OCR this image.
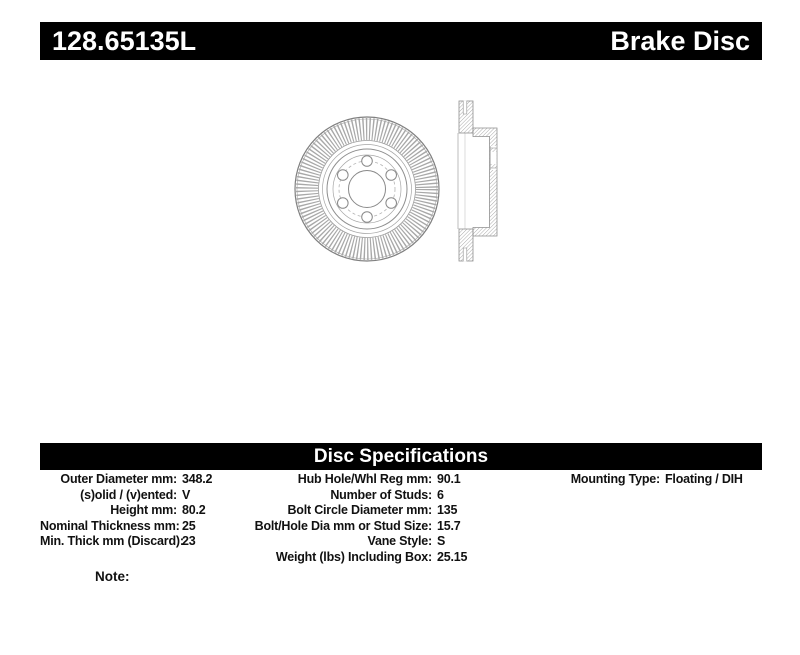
128.65135L	Brake Disc
Disc Specifications
Outer Diameter mm: 348.2
(s)olid / (v)ented: V
Height mm: 80.2
Nominal Thickness mm: 25
Min. Thick mm (Discard):
23
Hub Hole/Whl Reg mm: 90.1
Number of Studs: 6
Bolt Circle Diameter mm: 135
Bolt/Hole Dia mm or Stud Size: 15.7
Vane Style: S
Weight (lbs) Including Box: 25.15
Mounting Type: Floating / DIH
Note:
